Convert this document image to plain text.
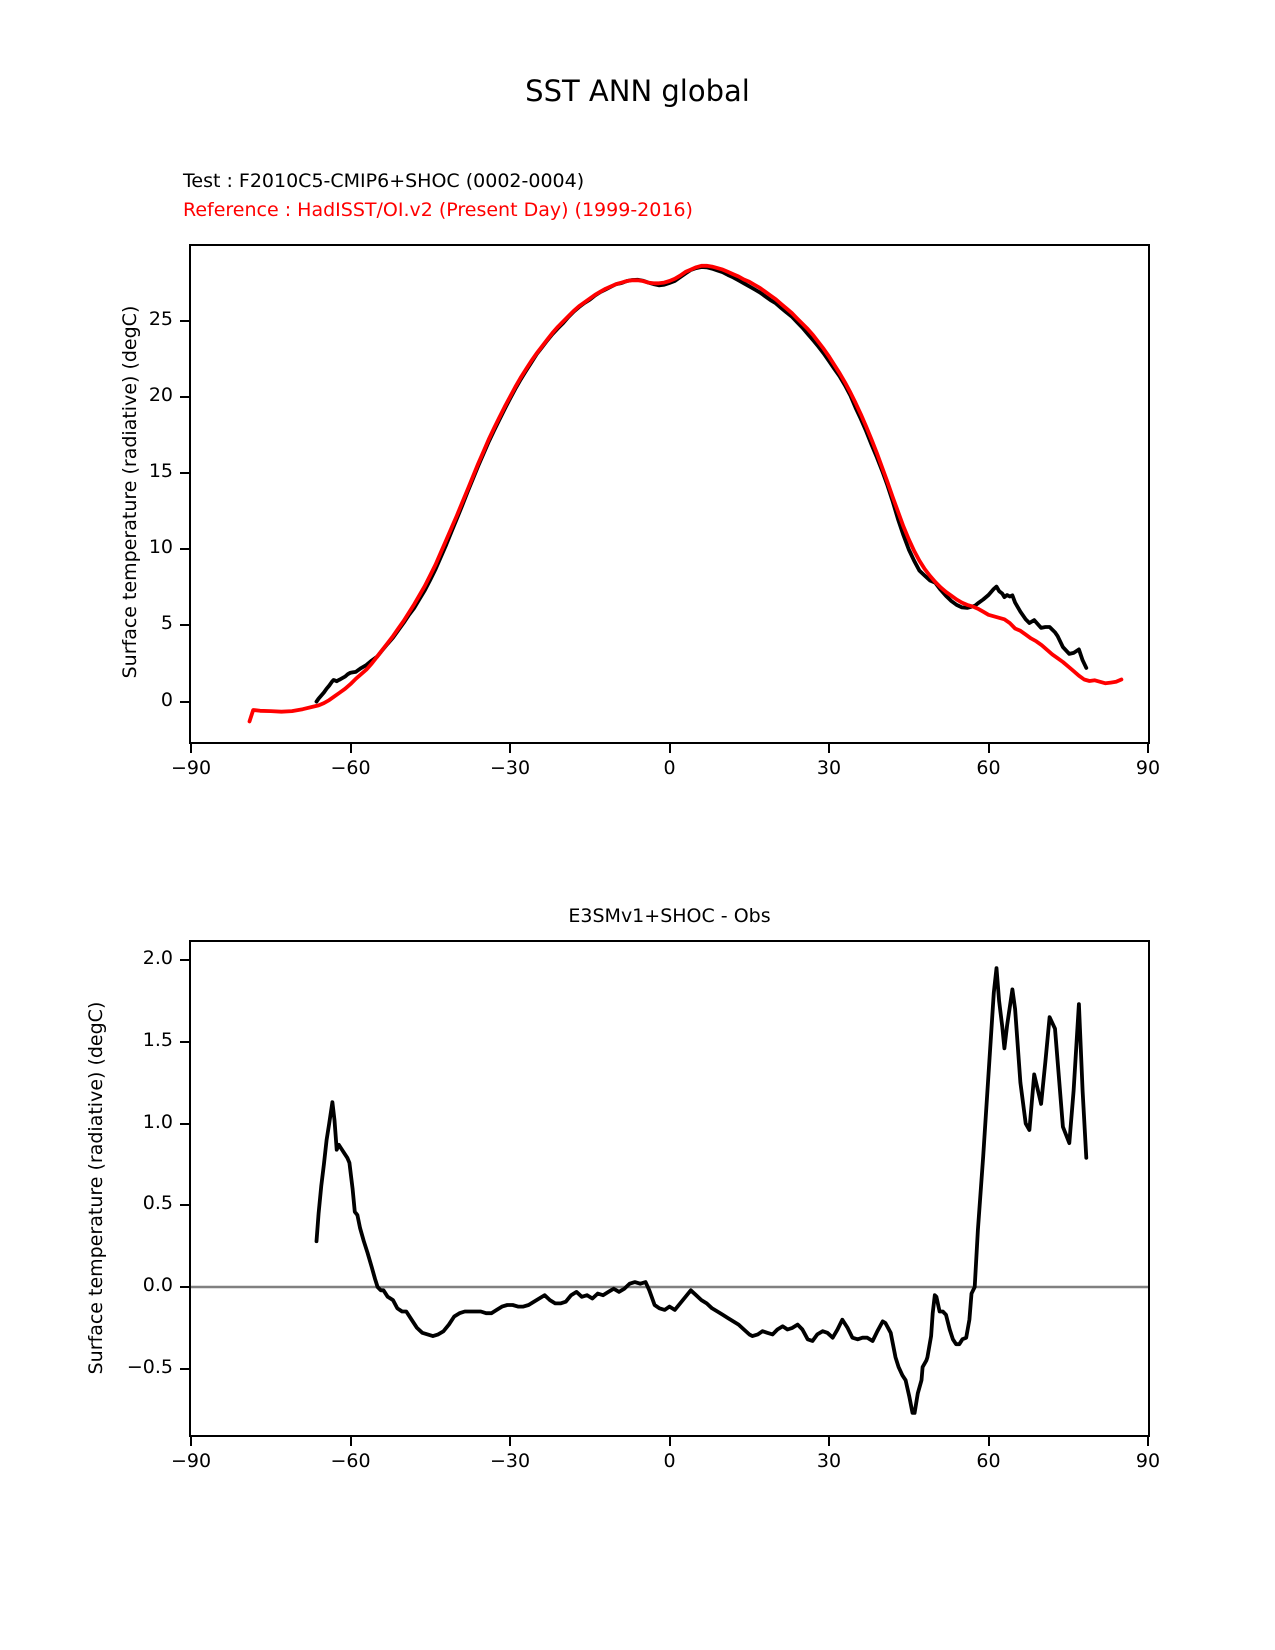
SST ANN global
Test : F2010C5-CMIP6+SHOC (0002-0004)
Reference : HadISST/OI.v2 (Present Day) (1999-2016)
Surface temperature (radiative) (degC)
E3SMv1+SHOC - Obs
Surface temperature (radiative) (degC)
−90	−60	−30	0	30	60	90
0
5
10
15
20
25
−90	−60	−30	0	30	60	90
2.0
1.5
1.0
0.5
0.0
−0.5
